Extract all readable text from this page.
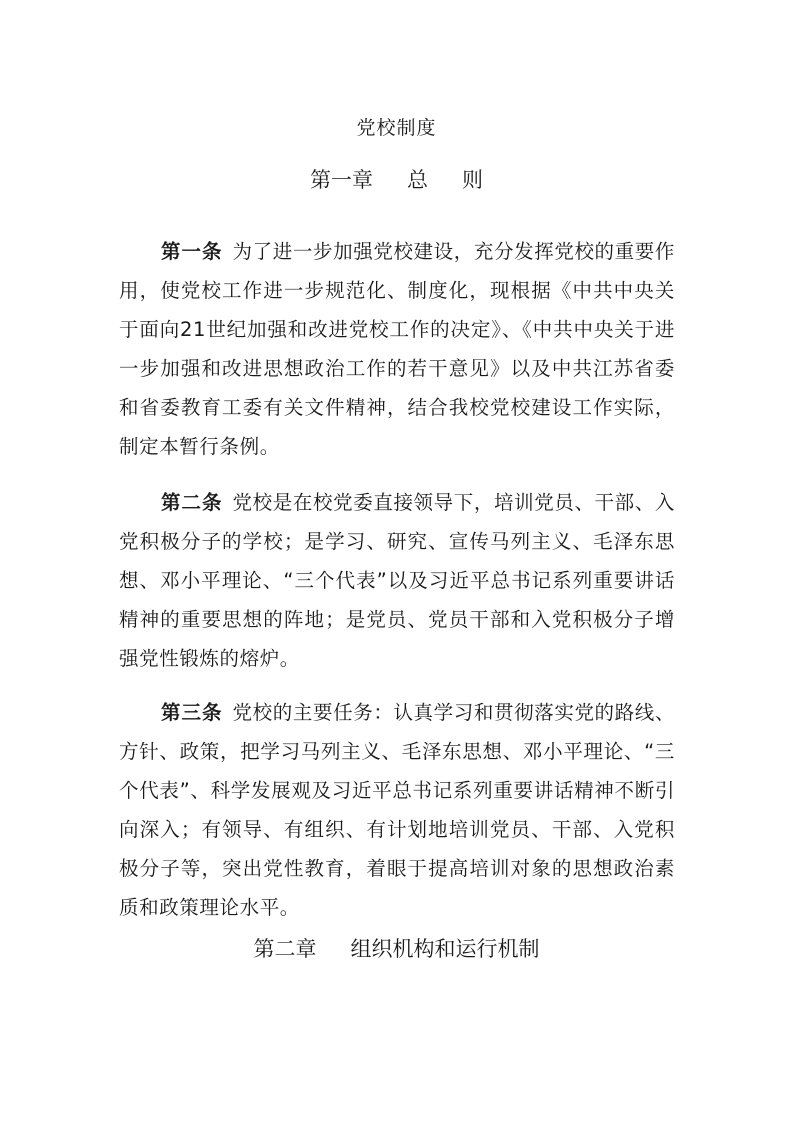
党校制度
第一章 总 则

第一条 为了进一步加强党校建设，充分发挥党校的重要作用，使党校工作进一步规范化、制度化，现根据《中共中央关于面向21世纪加强和改进党校工作的决定》、《中共中央关于进一步加强和改进思想政治工作的若干意见》以及中共江苏省委和省委教育工委有关文件精神，结合我校党校建设工作实际，制定本暂行条例。

第二条 党校是在校党委直接领导下，培训党员、干部、入党积极分子的学校；是学习、研究、宣传马列主义、毛泽东思想、邓小平理论、“三个代表”以及习近平总书记系列重要讲话精神的重要思想的阵地；是党员、党员干部和入党积极分子增强党性锻炼的熔炉。

第三条 党校的主要任务：认真学习和贯彻落实党的路线、方针、政策，把学习马列主义、毛泽东思想、邓小平理论、“三个代表”、科学发展观及习近平总书记系列重要讲话精神不断引向深入；有领导、有组织、有计划地培训党员、干部、入党积极分子等，突出党性教育，着眼于提高培训对象的思想政治素质和政策理论水平。

第二章 组织机构和运行机制
